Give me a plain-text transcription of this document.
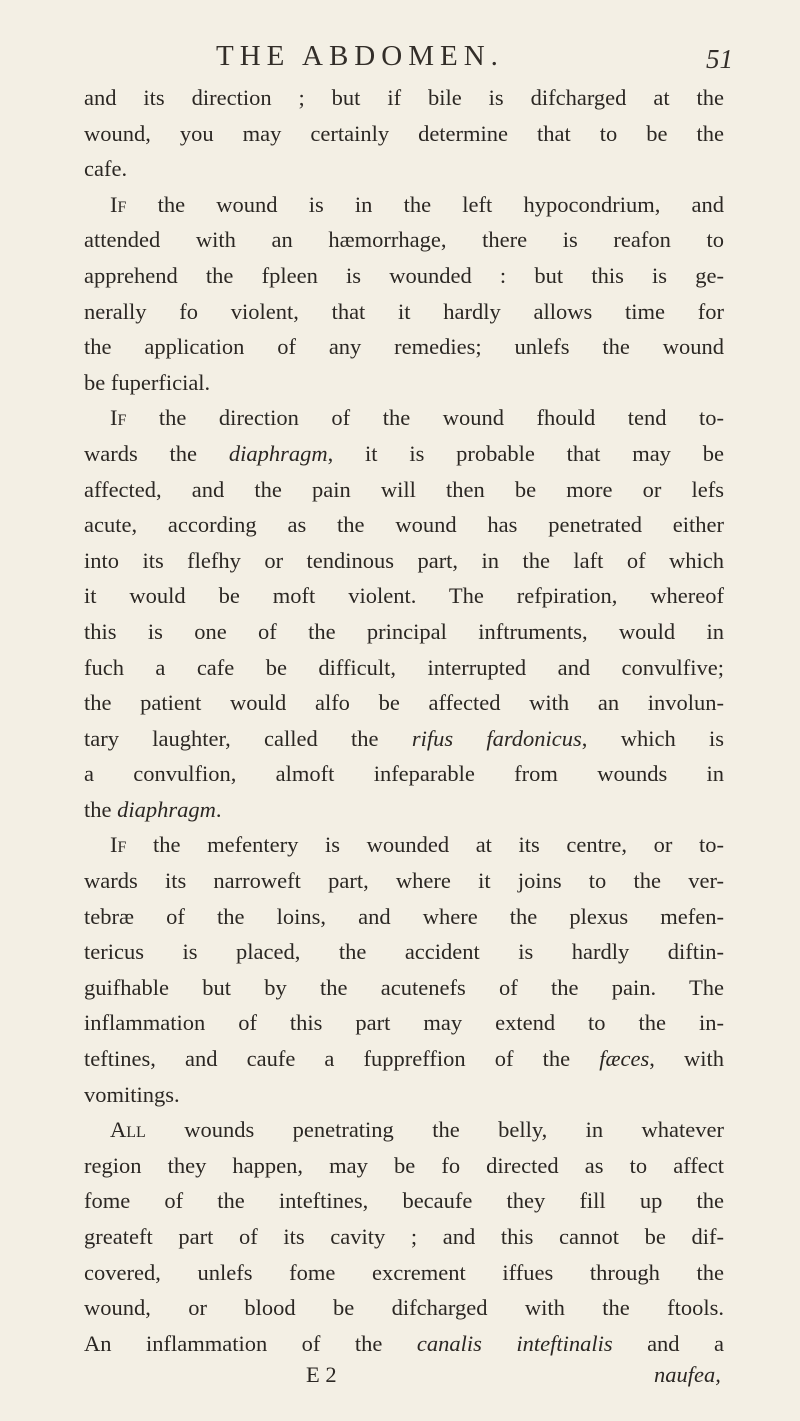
THE ABDOMEN.	51
and its direction ; but if bile is difcharged at the
wound, you may certainly determine that to be the
cafe.
If the wound is in the left hypocondrium, and
attended with an hæmorrhage, there is reafon to
apprehend the fpleen is wounded : but this is ge-
nerally fo violent, that it hardly allows time for
the application of any remedies; unlefs the wound
be fuperficial.
If the direction of the wound fhould tend to-
wards the diaphragm, it is probable that may be
affected, and the pain will then be more or lefs
acute, according as the wound has penetrated either
into its flefhy or tendinous part, in the laft of which
it would be moft violent. The refpiration, whereof
this is one of the principal inftruments, would in
fuch a cafe be difficult, interrupted and convulfive;
the patient would alfo be affected with an involun-
tary laughter, called the rifus fardonicus, which is
a convulfion, almoft infeparable from wounds in
the diaphragm.
If the mefentery is wounded at its centre, or to-
wards its narroweft part, where it joins to the ver-
tebræ of the loins, and where the plexus mefen-
tericus is placed, the accident is hardly diftin-
guifhable but by the acutenefs of the pain. The
inflammation of this part may extend to the in-
teftines, and caufe a fuppreffion of the fæces, with
vomitings.
All wounds penetrating the belly, in whatever
region they happen, may be fo directed as to affect
fome of the inteftines, becaufe they fill up the
greateft part of its cavity ; and this cannot be dif-
covered, unlefs fome excrement iffues through the
wound, or blood be difcharged with the ftools.
An inflammation of the canalis inteftinalis and a
E 2	naufea,
